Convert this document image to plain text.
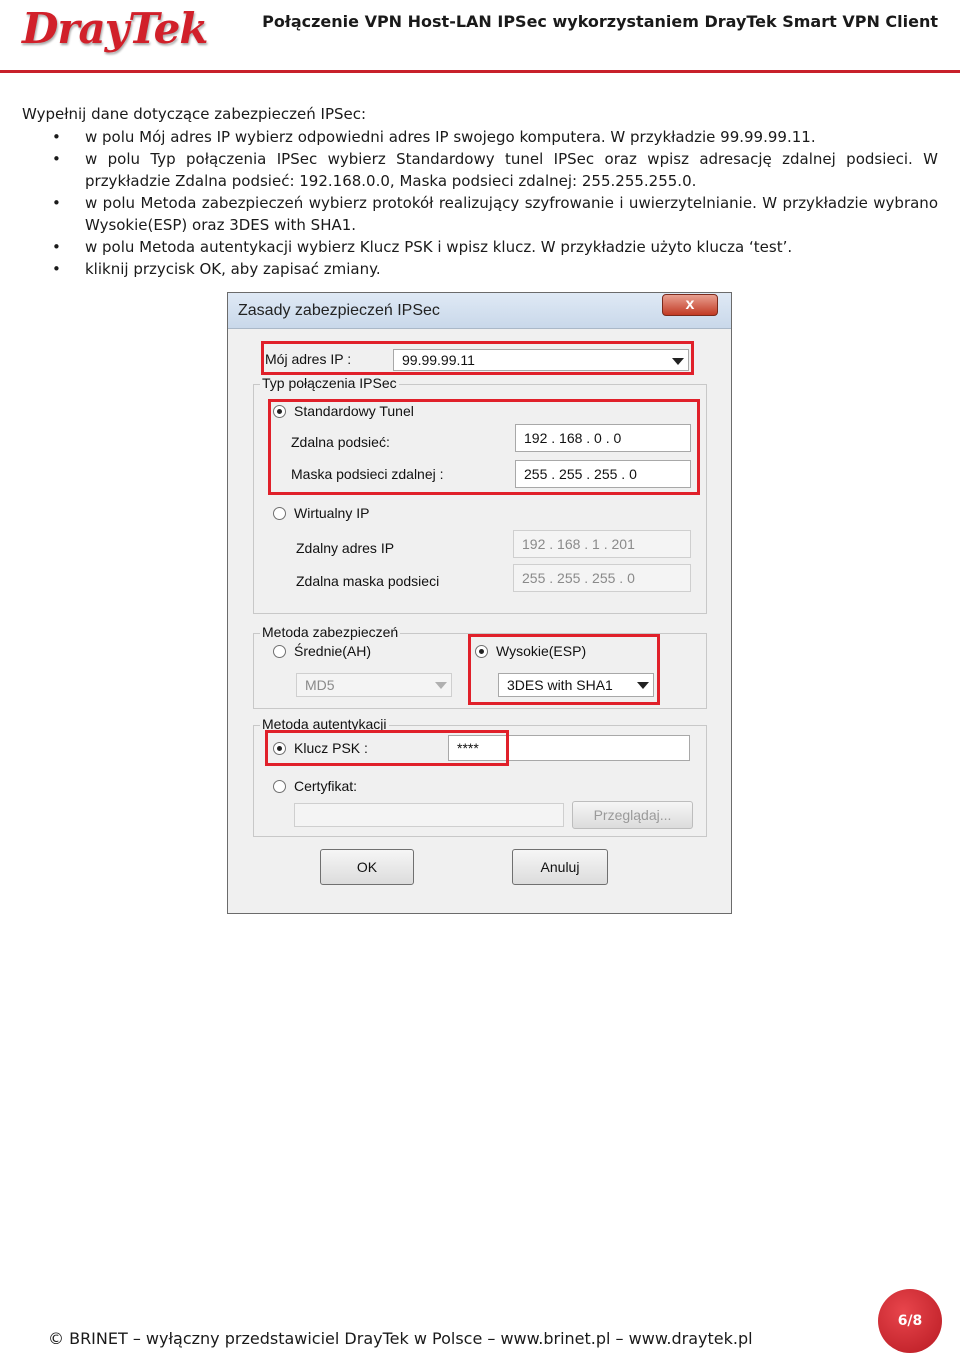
DrayTek	Połączenie VPN Host-LAN IPSec wykorzystaniem DrayTek Smart VPN Client
Wypełnij dane dotyczące zabezpieczeń IPSec:
• w polu Mój adres IP wybierz odpowiedni adres IP swojego komputera. W przykładzie 99.99.99.11.
• w polu Typ połączenia IPSec wybierz Standardowy tunel IPSec oraz wpisz adresację zdalnej podsieci. W przykładzie Zdalna podsieć: 192.168.0.0, Maska podsieci zdalnej: 255.255.255.0.
• w polu Metoda zabezpieczeń wybierz protokół realizujący szyfrowanie i uwierzytelnianie. W przykładzie wybrano Wysokie(ESP) oraz 3DES with SHA1.
• w polu Metoda autentykacji wybierz Klucz PSK i wpisz klucz. W przykładzie użyto klucza ‘test’.
• kliknij przycisk OK, aby zapisać zmiany.
Zasady zabezpieczeń IPSec	x
Mój adres IP :	99.99.99.11
Typ połączenia IPSec
Standardowy Tunel
Zdalna podsieć:	192 . 168 . 0 . 0
Maska podsieci zdalnej :	255 . 255 . 255 . 0
Wirtualny IP
Zdalny adres IP	192 . 168 . 1 . 201
Zdalna maska podsieci	255 . 255 . 255 . 0
Metoda zabezpieczeń
Średnie(AH)
MD5
Wysokie(ESP)
3DES with SHA1
Metoda autentykacji
Klucz PSK :	****
Certyfikat:
Przeglądaj...
OK	Anuluj
© BRINET – wyłączny przedstawiciel DrayTek w Polsce – www.brinet.pl – www.draytek.pl
6/8
